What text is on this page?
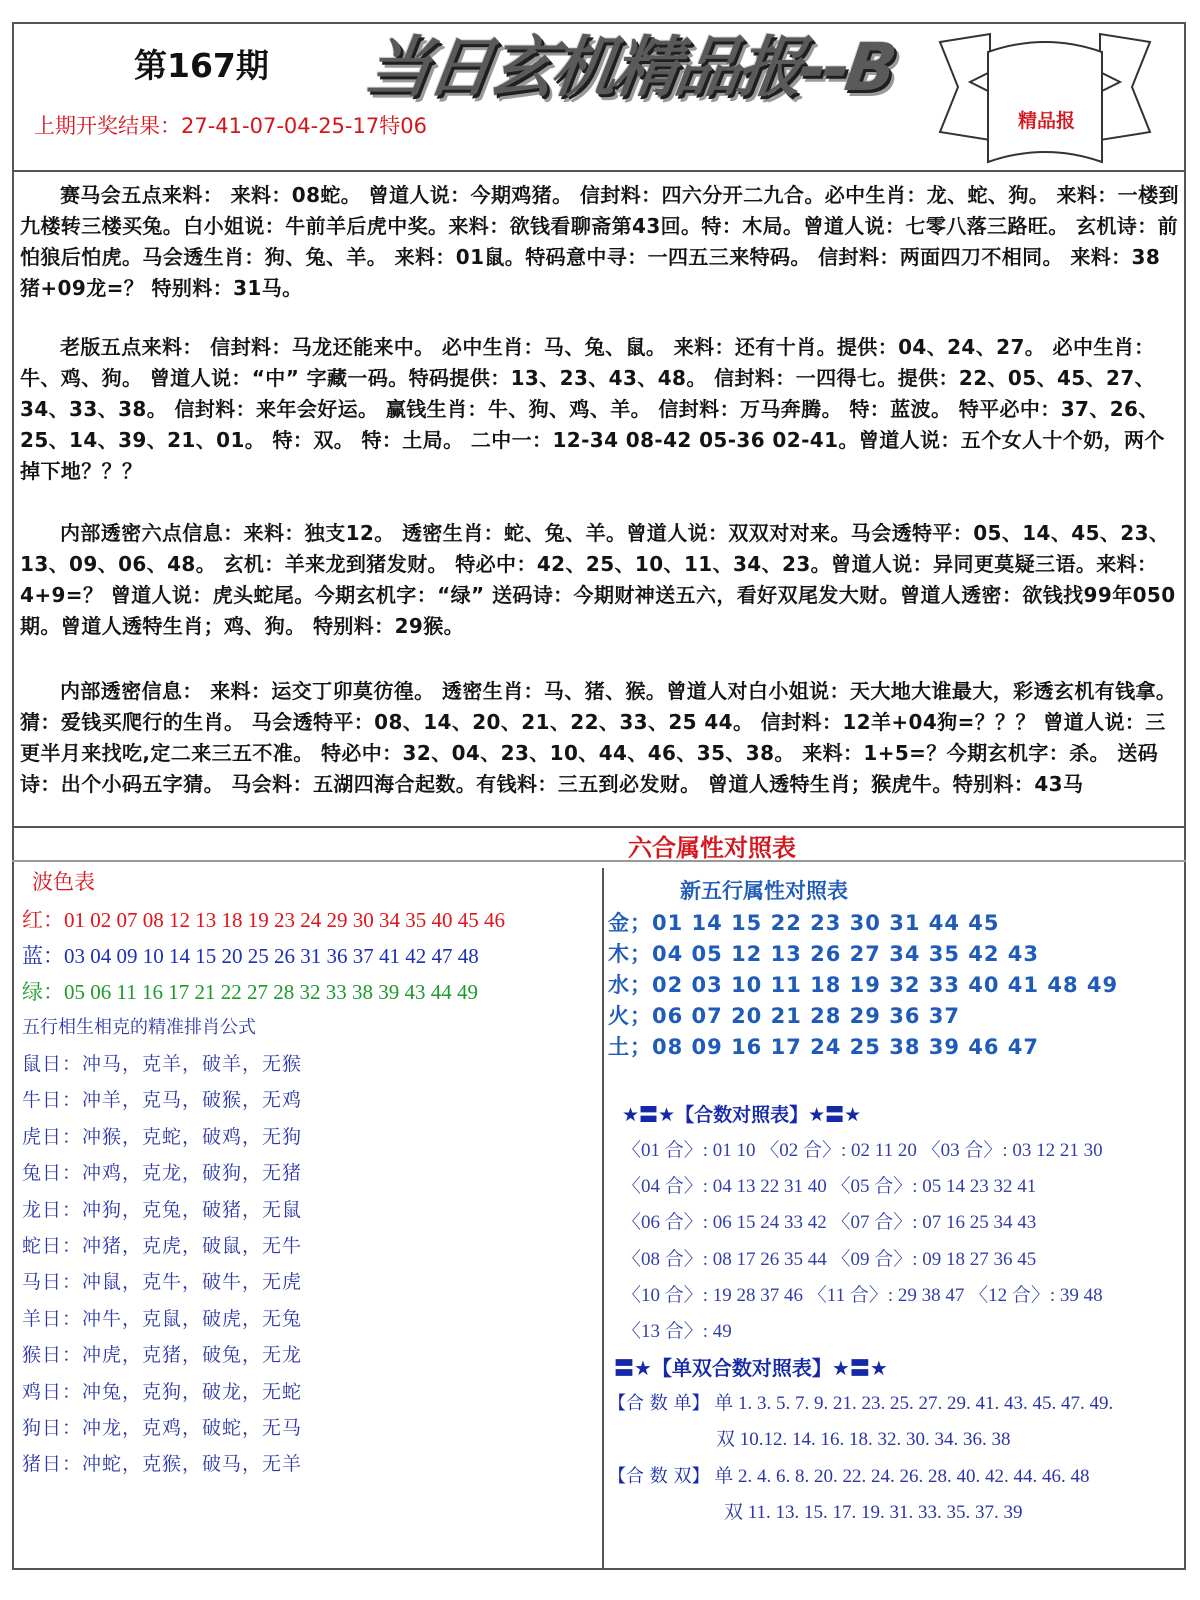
第167期 当日玄机精品报--B
精品报
上期开奖结果：27-41-07-04-25-17特06

赛马会五点来料： 来料：08蛇。 曾道人说：今期鸡猪。 信封料：四六分开二九合。必中生肖：龙、蛇、狗。 来料：一楼到九楼转三楼买兔。白小姐说：牛前羊后虎中奖。来料：欲钱看聊斋第43回。特：木局。曾道人说：七零八落三路旺。 玄机诗：前怕狼后怕虎。马会透生肖：狗、兔、羊。 来料：01鼠。特码意中寻：一四五三来特码。 信封料：两面四刀不相同。 来料：38猪+09龙=？ 特别料：31马。

老版五点来料： 信封料：马龙还能来中。 必中生肖：马、兔、鼠。 来料：还有十肖。提供：04、24、27。 必中生肖：牛、鸡、狗。 曾道人说：“中” 字藏一码。特码提供：13、23、43、48。 信封料：一四得七。提供：22、05、45、27、34、33、38。 信封料：来年会好运。 赢钱生肖：牛、狗、鸡、羊。 信封料：万马奔腾。 特：蓝波。 特平必中：37、26、25、14、39、21、01。 特：双。 特：土局。 二中一：12-34 08-42 05-36 02-41。曾道人说：五个女人十个奶，两个掉下地？？？

内部透密六点信息：来料：独支12。 透密生肖：蛇、兔、羊。曾道人说：双双对对来。马会透特平：05、14、45、23、13、09、06、48。 玄机：羊来龙到猪发财。 特必中：42、25、10、11、34、23。曾道人说：异同更莫疑三语。来料：4+9=？ 曾道人说：虎头蛇尾。今期玄机字：“绿” 送码诗：今期财神送五六，看好双尾发大财。曾道人透密：欲钱找99年050期。曾道人透特生肖；鸡、狗。 特别料：29猴。

内部透密信息： 来料：运交丁卯莫彷徨。 透密生肖：马、猪、猴。曾道人对白小姐说：天大地大谁最大，彩透玄机有钱拿。猜：爱钱买爬行的生肖。 马会透特平：08、14、20、21、22、33、25 44。 信封料：12羊+04狗=？？？ 曾道人说：三更半月来找吃,定二来三五不准。 特必中：32、04、23、10、44、46、35、38。 来料：1+5=？今期玄机字：杀。 送码诗：出个小码五字猜。 马会料：五湖四海合起数。有钱料：三五到必发财。 曾道人透特生肖；猴虎牛。特别料：43马

六合属性对照表
波色表
红：01 02 07 08 12 13 18 19 23 24 29 30 34 35 40 45 46
蓝：03 04 09 10 14 15 20 25 26 31 36 37 41 42 47 48
绿：05 06 11 16 17 21 22 27 28 32 33 38 39 43 44 49
五行相生相克的精准排肖公式
鼠日：冲马，克羊，破羊，无猴
牛日：冲羊，克马，破猴，无鸡
虎日：冲猴，克蛇，破鸡，无狗
兔日：冲鸡，克龙，破狗，无猪
龙日：冲狗，克兔，破猪，无鼠
蛇日：冲猪，克虎，破鼠，无牛
马日：冲鼠，克牛，破牛，无虎
羊日：冲牛，克鼠，破虎，无兔
猴日：冲虎，克猪，破兔，无龙
鸡日：冲兔，克狗，破龙，无蛇
狗日：冲龙，克鸡，破蛇，无马
猪日：冲蛇，克猴，破马，无羊
新五行属性对照表
金；01 14 15 22 23 30 31 44 45
木；04 05 12 13 26 27 34 35 42 43
水；02 03 10 11 18 19 32 33 40 41 48 49
火；06 07 20 21 28 29 36 37
土；08 09 16 17 24 25 38 39 46 47
★〓★【合数对照表】★〓★
〈01 合〉: 01 10 〈02 合〉: 02 11 20 〈03 合〉: 03 12 21 30
〈04 合〉: 04 13 22 31 40 〈05 合〉: 05 14 23 32 41
〈06 合〉: 06 15 24 33 42 〈07 合〉: 07 16 25 34 43
〈08 合〉: 08 17 26 35 44 〈09 合〉: 09 18 27 36 45
〈10 合〉: 19 28 37 46 〈11 合〉: 29 38 47 〈12 合〉: 39 48
〈13 合〉: 49
〓★【单双合数对照表】★〓★
【合 数 单】 单 1. 3. 5. 7. 9. 21. 23. 25. 27. 29. 41. 43. 45. 47. 49.
双 10.12. 14. 16. 18. 32. 30. 34. 36. 38
【合 数 双】 单 2. 4. 6. 8. 20. 22. 24. 26. 28. 40. 42. 44. 46. 48
双 11. 13. 15. 17. 19. 31. 33. 35. 37. 39
